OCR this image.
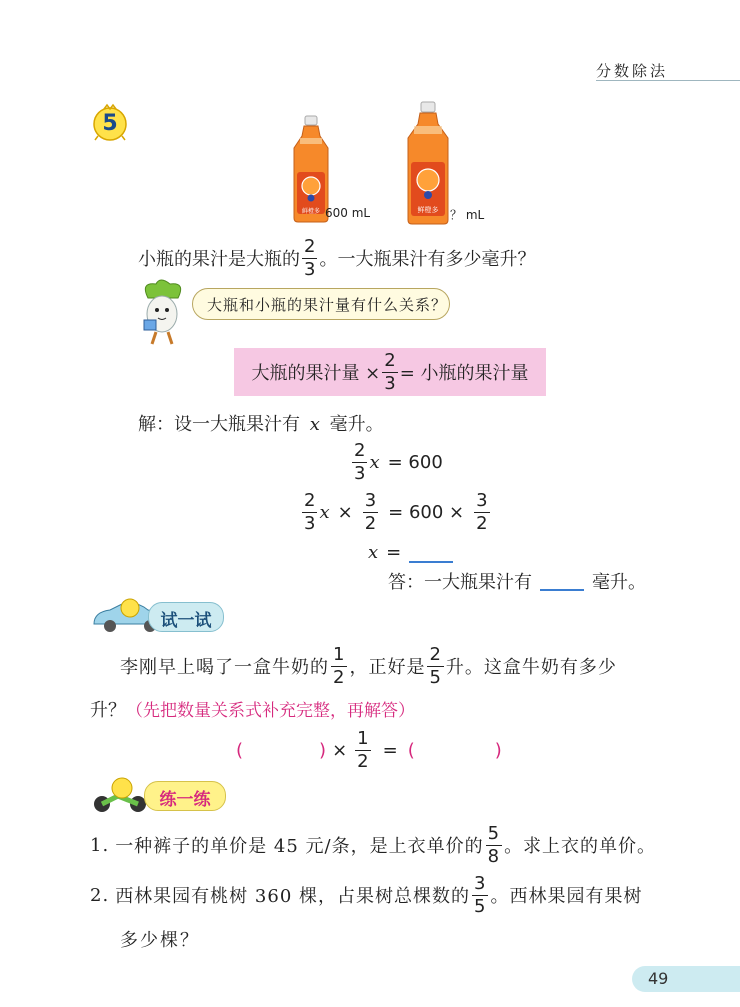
分数除法
5
鲜橙多 600 mL	鲜橙多 ？ mL
小瓶的果汁是大瓶的 $\frac{2}{3}$ 。一大瓶果汁有多少毫升？
大瓶和小瓶的果汁量有什么关系？
大瓶的果汁量 × $\frac{2}{3}$ = 小瓶的果汁量
解：设一大瓶果汁有 x 毫升。
$\frac{2}{3}$ x = 600
$\frac{2}{3}$ $x \times \frac{3}{2} = 600 \times \frac{3}{2}$
x =
答：一大瓶果汁有	毫升。
试一试
李刚早上喝了一盒牛奶的 $\frac{1}{2}$ ，正好是 $\frac{2}{5}$ 升。这盒牛奶有多少
升？（先把数量关系式补充完整，再解答）
(	) × $\frac{1}{2}$ = (	)
练一练
1. 一种裤子的单价是 45 元/条，是上衣单价的 $\frac{5}{8}$ 。求上衣的单价。
2. 西林果园有桃树 360 棵，占果树总棵数的 $\frac{3}{5}$ 。西林果园有果树
多少棵？
49
